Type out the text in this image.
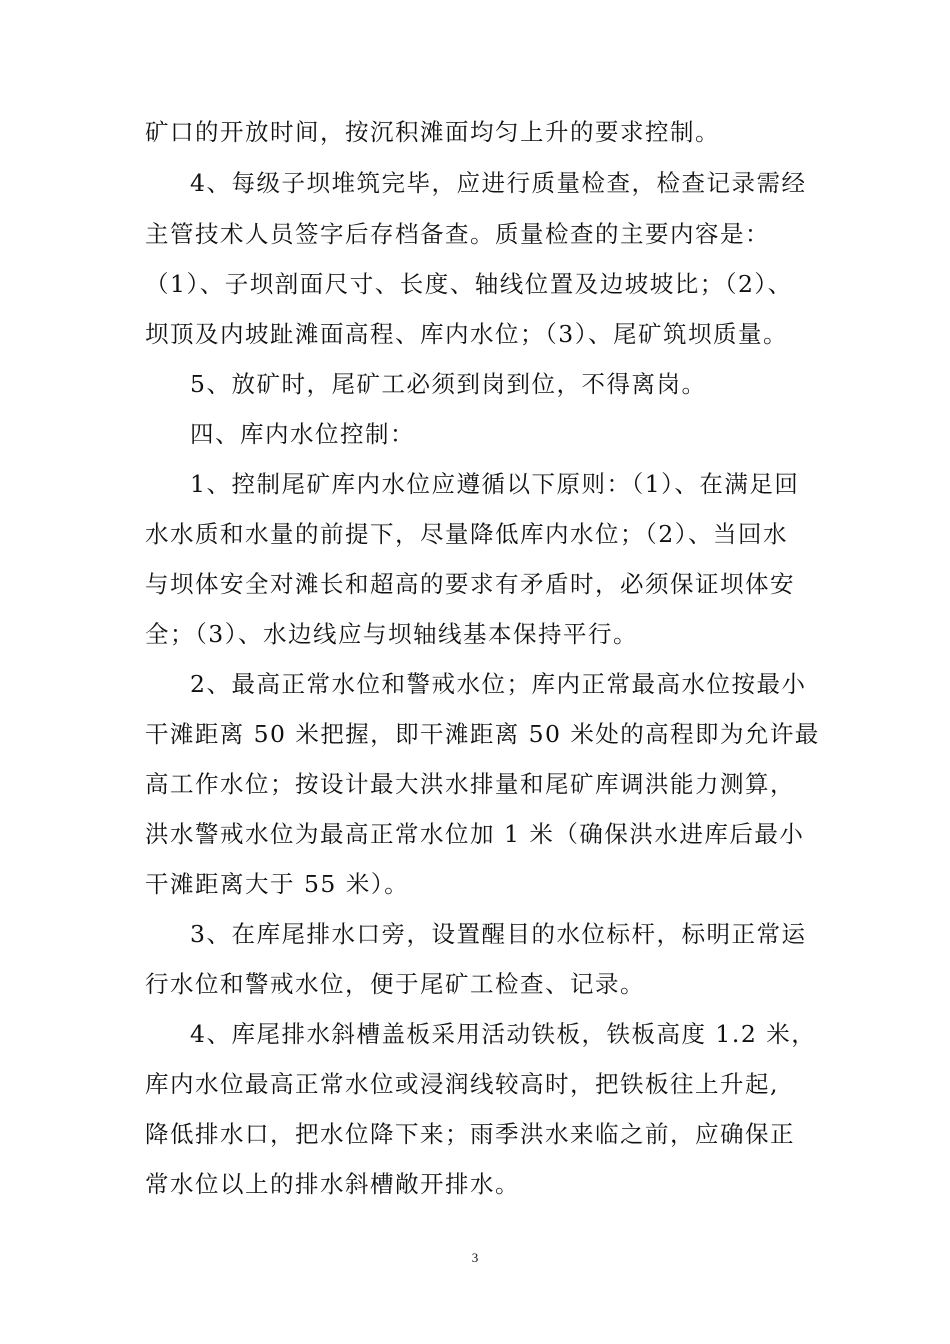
矿口的开放时间，按沉积滩面均匀上升的要求控制。
4、每级子坝堆筑完毕，应进行质量检查，检查记录需经
主管技术人员签字后存档备查。质量检查的主要内容是：
（1）、子坝剖面尺寸、长度、轴线位置及边坡坡比；（2）、
坝顶及内坡趾滩面高程、库内水位；（3）、尾矿筑坝质量。
5、放矿时，尾矿工必须到岗到位，不得离岗。
四、库内水位控制：
1、控制尾矿库内水位应遵循以下原则：（1）、在满足回
水水质和水量的前提下，尽量降低库内水位；（2）、当回水
与坝体安全对滩长和超高的要求有矛盾时，必须保证坝体安
全；（3）、水边线应与坝轴线基本保持平行。
2、最高正常水位和警戒水位；库内正常最高水位按最小
干滩距离 50 米把握，即干滩距离 50 米处的高程即为允许最
高工作水位；按设计最大洪水排量和尾矿库调洪能力测算，
洪水警戒水位为最高正常水位加 1 米（确保洪水进库后最小
干滩距离大于 55 米）。
3、在库尾排水口旁，设置醒目的水位标杆，标明正常运
行水位和警戒水位，便于尾矿工检查、记录。
4、库尾排水斜槽盖板采用活动铁板，铁板高度 1.2 米，
库内水位最高正常水位或浸润线较高时，把铁板往上升起,
降低排水口，把水位降下来；雨季洪水来临之前，应确保正
常水位以上的排水斜槽敞开排水。
3
